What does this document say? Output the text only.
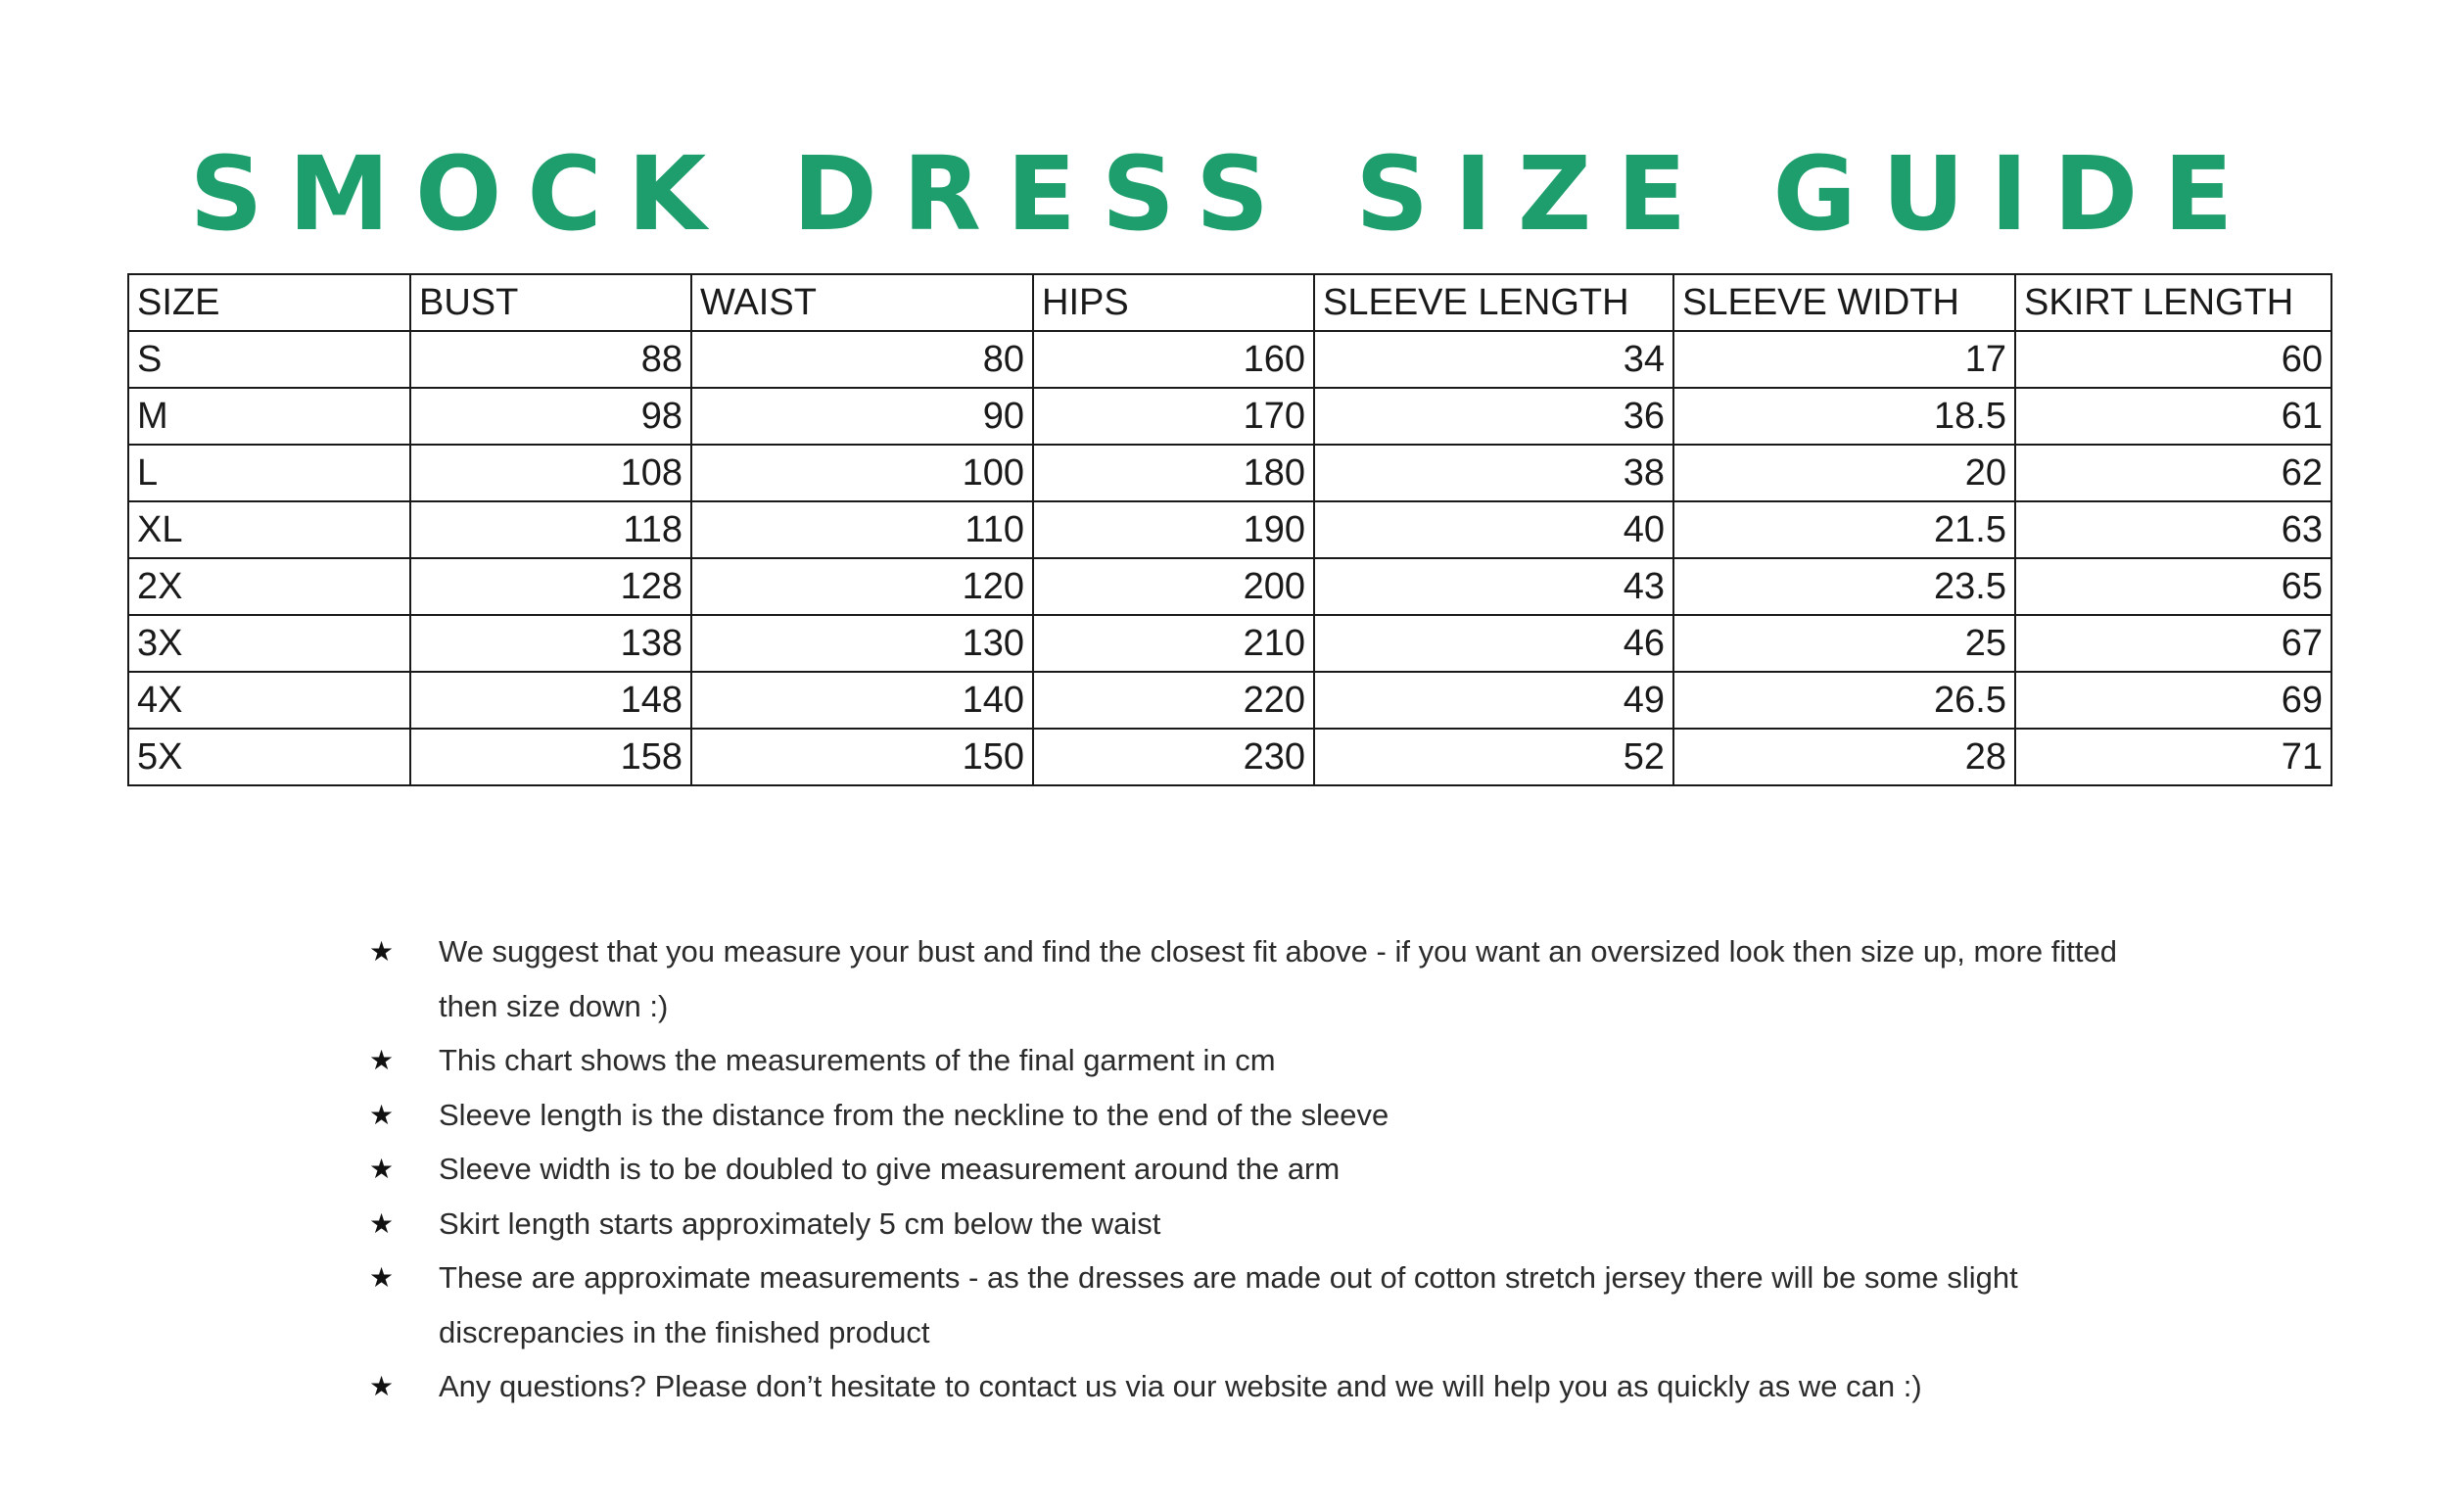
SMOCK DRESS SIZE GUIDE
SIZE	BUST	WAIST	HIPS	SLEEVE LENGTH	SLEEVE WIDTH	SKIRT LENGTH
S	88	80	160	34	17	60
M	98	90	170	36	18.5	61
L	108	100	180	38	20	62
XL	118	110	190	40	21.5	63
2X	128	120	200	43	23.5	65
3X	138	130	210	46	25	67
4X	148	140	220	49	26.5	69
5X	158	150	230	52	28	71
★ We suggest that you measure your bust and find the closest fit above - if you want an oversized look then size up, more fitted then size down :)
★ This chart shows the measurements of the final garment in cm
★ Sleeve length is the distance from the neckline to the end of the sleeve
★ Sleeve width is to be doubled to give measurement around the arm
★ Skirt length starts approximately 5 cm below the waist
★ These are approximate measurements - as the dresses are made out of cotton stretch jersey there will be some slight discrepancies in the finished product
★ Any questions? Please don’t hesitate to contact us via our website and we will help you as quickly as we can :)
